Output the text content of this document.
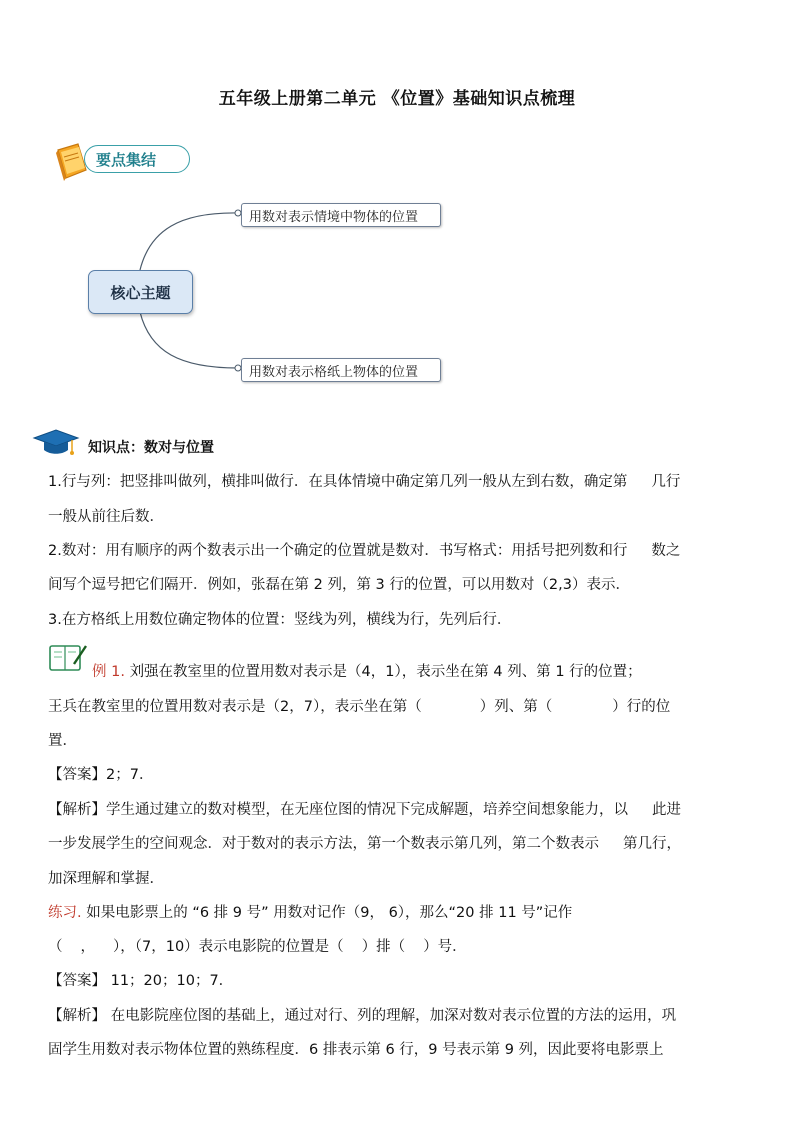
五年级上册第二单元 《位置》基础知识点梳理
要点集结
核心主题
用数对表示情境中物体的位置
用数对表示格纸上物体的位置
知识点：数对与位置
1.行与列：把竖排叫做列，横排叫做行．在具体情境中确定第几列一般从左到右数，确定第 几行
一般从前往后数．
2.数对：用有顺序的两个数表示出一个确定的位置就是数对．书写格式：用括号把列数和行 数之
间写个逗号把它们隔开．例如，张磊在第 2 列，第 3 行的位置，可以用数对（2,3）表示．
3.在方格纸上用数位确定物体的位置：竖线为列，横线为行，先列后行．
例 1. 刘强在教室里的位置用数对表示是（4，1），表示坐在第 4 列、第 1 行的位置；
王兵在教室里的位置用数对表示是（2，7），表示坐在第（	）列、第（	）行的位
置．
【答案】2；7．
【解析】学生通过建立的数对模型，在无座位图的情况下完成解题，培养空间想象能力，以 此进
一步发展学生的空间观念．对于数对的表示方法，第一个数表示第几列，第二个数表示 第几行，
加深理解和掌握．
练习. 如果电影票上的 “6 排 9 号” 用数对记作（9， 6），那么“20 排 11 号”记作
（ ， ），（7，10）表示电影院的位置是（ ）排（ ）号．
【答案】 11；20；10；7．
【解析】 在电影院座位图的基础上，通过对行、列的理解，加深对数对表示位置的方法的运用，巩
固学生用数对表示物体位置的熟练程度．6 排表示第 6 行，9 号表示第 9 列，因此要将电影票上
